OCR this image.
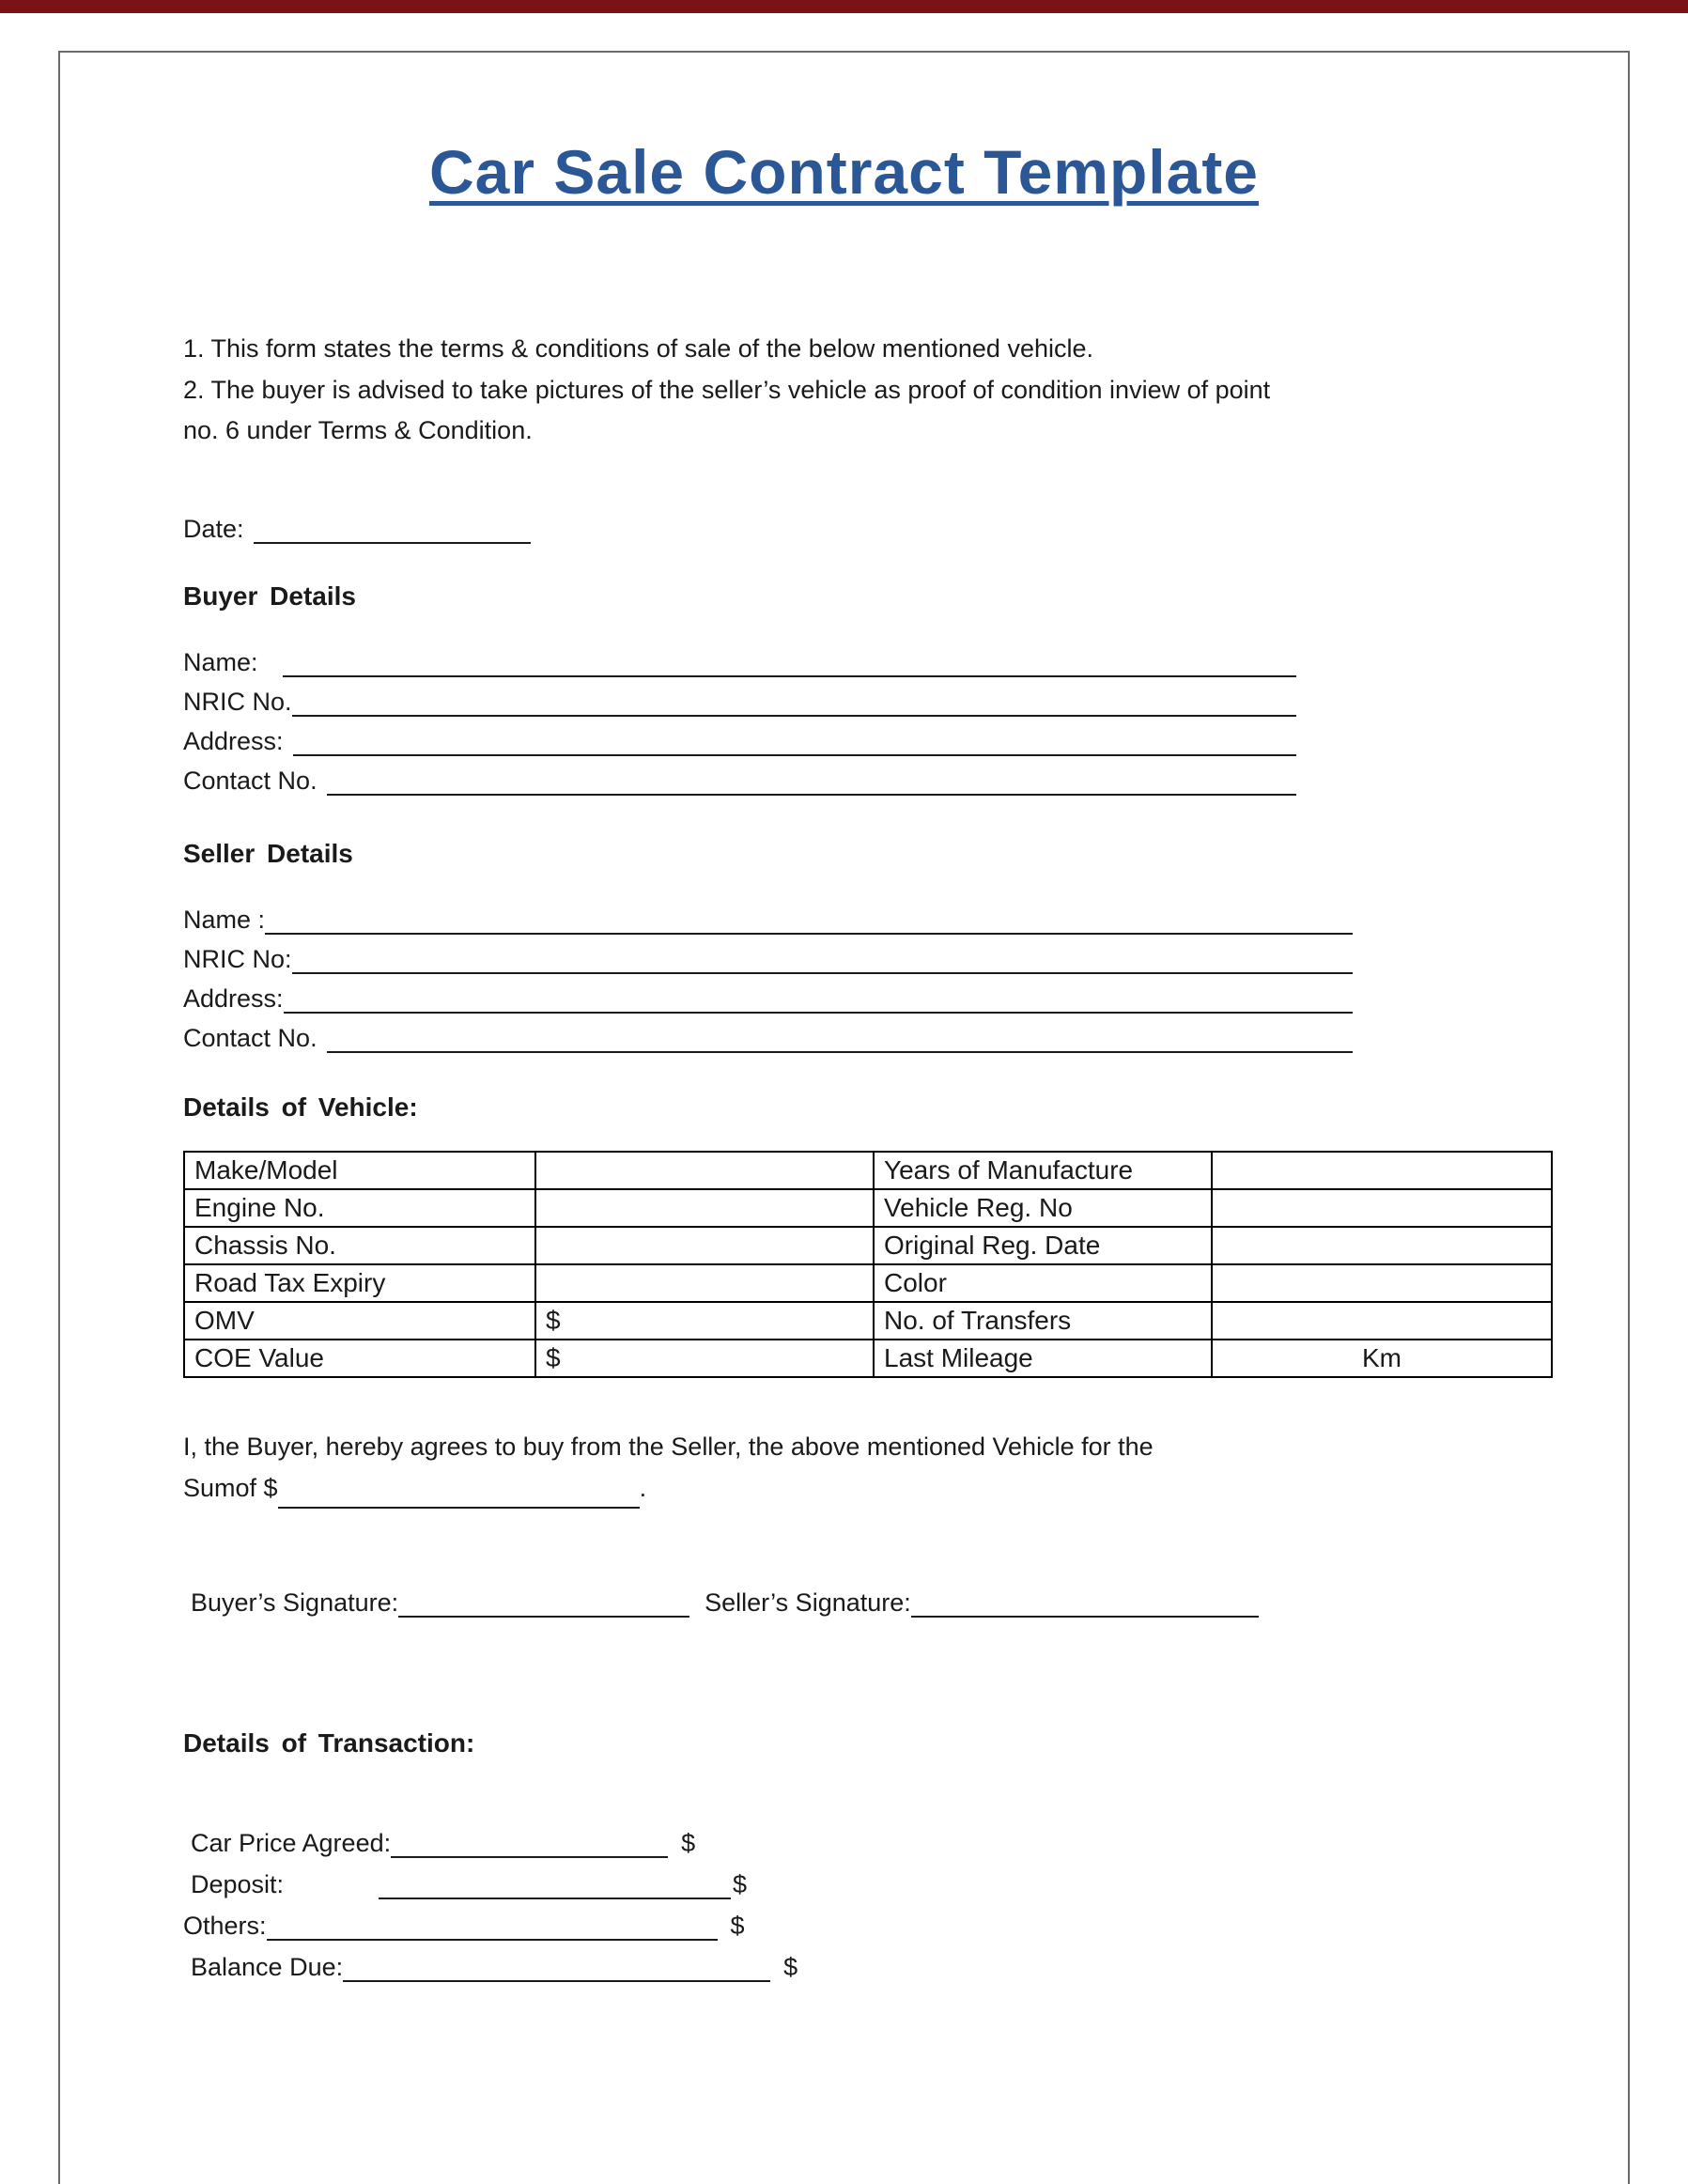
Car Sale Contract Template
1. This form states the terms & conditions of sale of the below mentioned vehicle.
2. The buyer is advised to take pictures of the seller’s vehicle as proof of condition inview of point
no. 6 under Terms & Condition.
Date:
Buyer Details
Name:
NRIC No.
Address:
Contact No.
Seller Details
Name :
NRIC No:
Address:
Contact No.
Details of Vehicle:
Make/Model		Years of Manufacture	
Engine No.		Vehicle Reg. No	
Chassis No.		Original Reg. Date	
Road Tax Expiry		Color	
OMV	$	No. of Transfers	
COE Value	$	Last Mileage	Km
I, the Buyer, hereby agrees to buy from the Seller, the above mentioned Vehicle for the
Sumof $	.
Buyer’s Signature:	Seller’s Signature:
Details of Transaction:
Car Price Agreed:	$
Deposit:	$
Others:	$
Balance Due:	$
